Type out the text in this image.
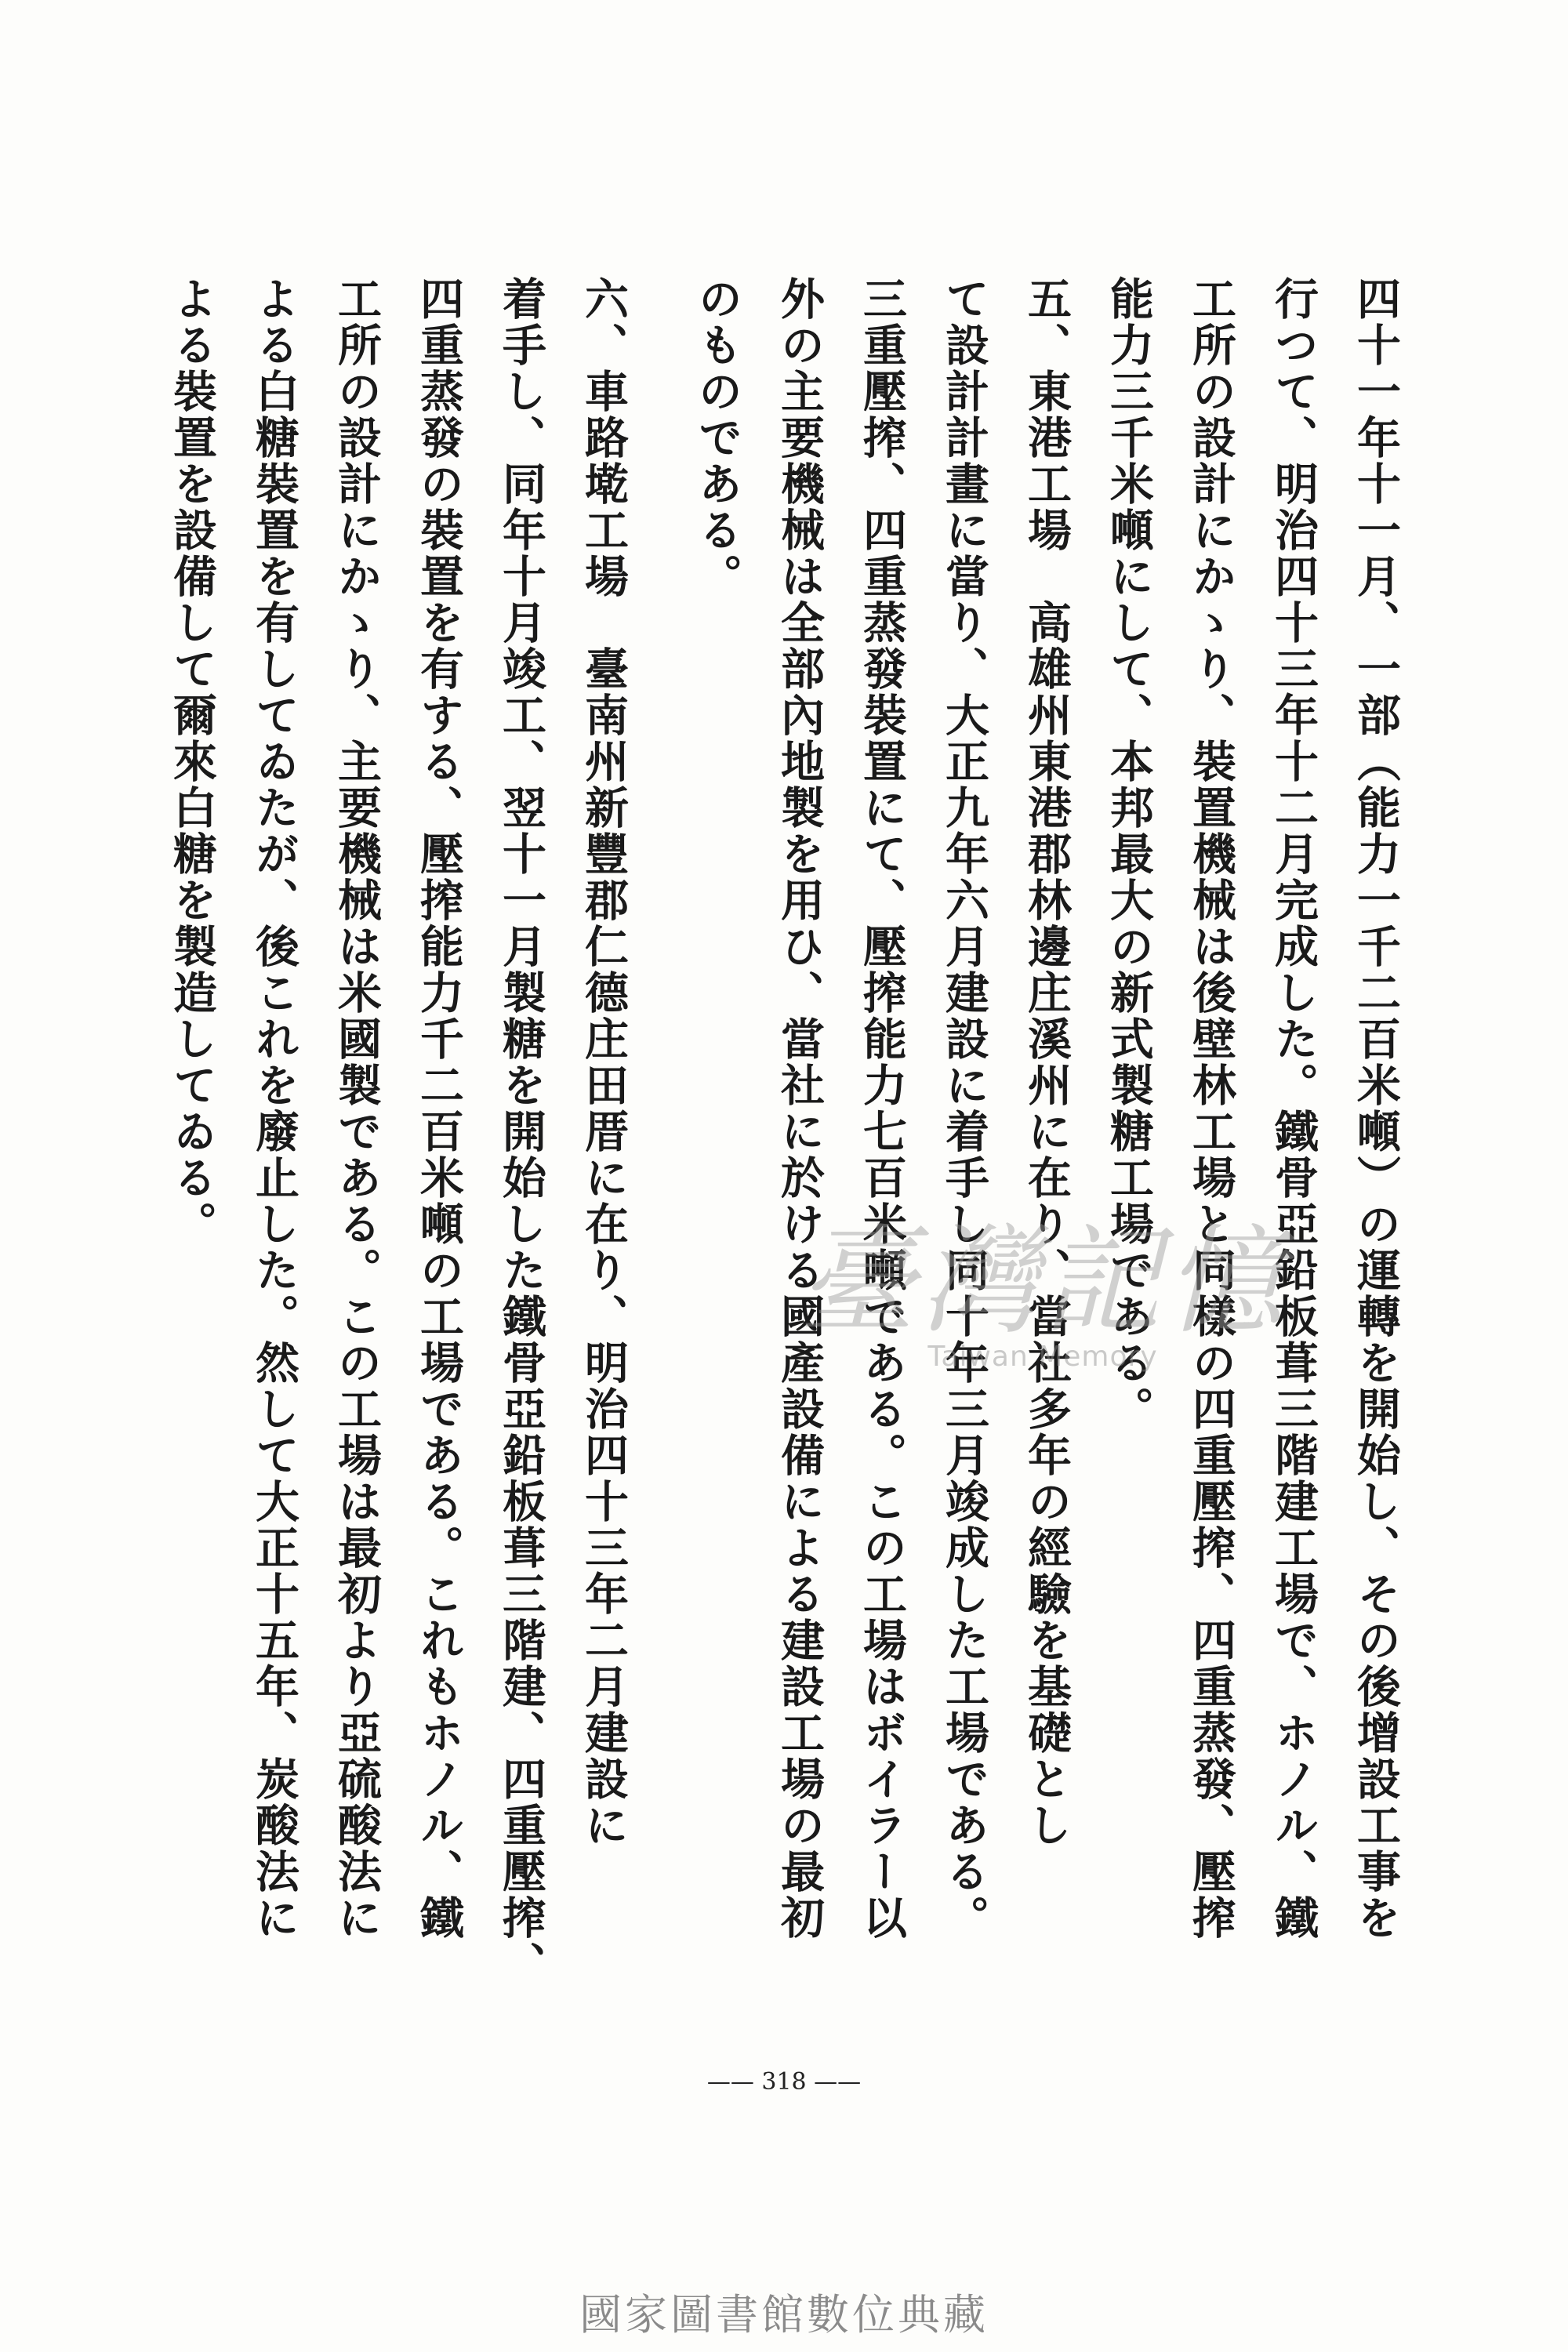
四十一年十一月、一部（能力一千二百米噸）の運轉を開始し、その後增設工事を
行つて、明治四十三年十二月完成した。鐵骨亞鉛板葺三階建工場で、ホノル、鐵
工所の設計にかゝり、裝置機械は後壁林工場と同樣の四重壓搾、四重蒸發、壓搾
能力三千米噸にして、本邦最大の新式製糖工場である。
五、東港工場　高雄州東港郡林邊庄溪州に在り、當社多年の經驗を基礎とし
て設計計畫に當り、大正九年六月建設に着手し同十年三月竣成した工場である。
三重壓搾、四重蒸發裝置にて、壓搾能力七百米噸である。この工場はボイラー以
外の主要機械は全部內地製を用ひ、當社に於ける國產設備による建設工場の最初
のものである。
六、車路墘工場　臺南州新豐郡仁德庄田厝に在り、明治四十三年二月建設に
着手し、同年十月竣工、翌十一月製糖を開始した鐵骨亞鉛板葺三階建、四重壓搾、
四重蒸發の裝置を有する、壓搾能力千二百米噸の工場である。これもホノル、鐵
工所の設計にかゝり、主要機械は米國製である。この工場は最初より亞硫酸法に
よる白糖裝置を有してゐたが、後これを廢止した。然して大正十五年、炭酸法に
よる裝置を設備して爾來白糖を製造してゐる。
臺灣記憶
Taiwan Memory
—— 318 ——
國家圖書館數位典藏
